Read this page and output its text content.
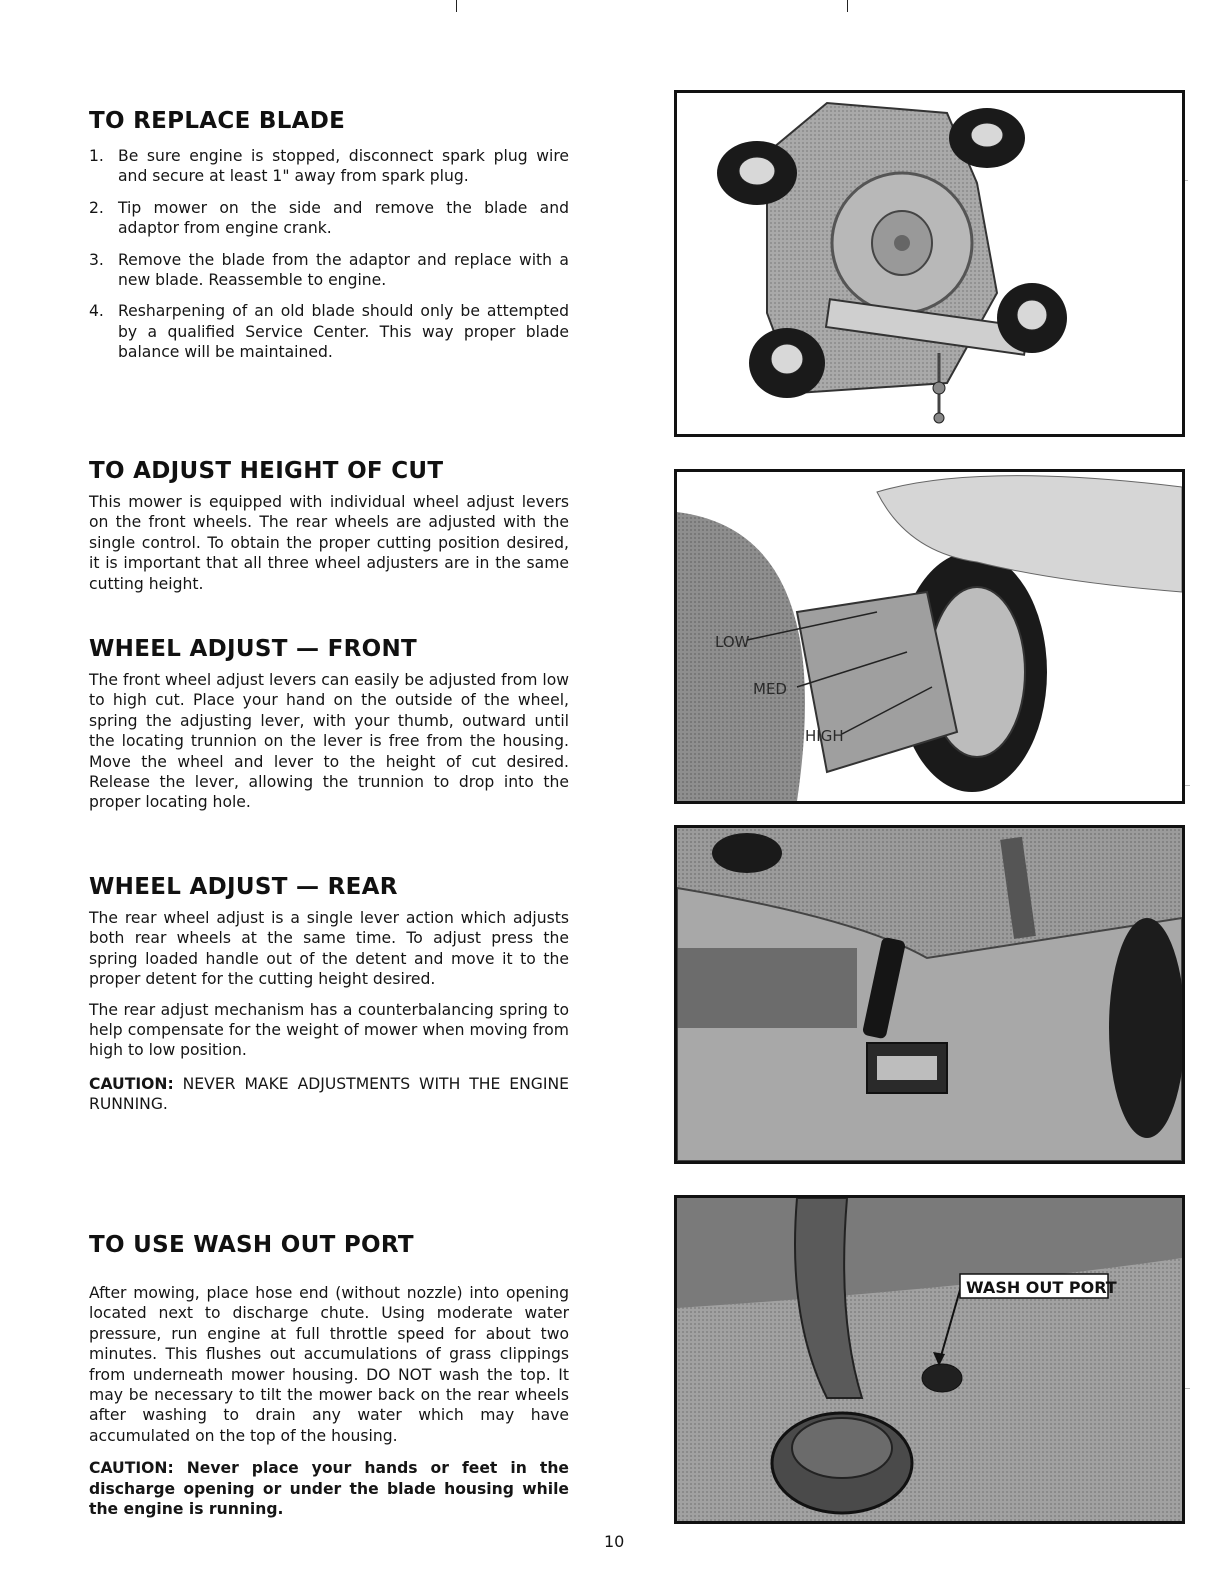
TO REPLACE BLADE
1. Be sure engine is stopped, disconnect spark plug wire and secure at least 1" away from spark plug.
2. Tip mower on the side and remove the blade and adaptor from engine crank.
3. Remove the blade from the adaptor and replace with a new blade. Reassemble to engine.
4. Resharpening of an old blade should only be attempted by a qualified Service Center. This way proper blade balance will be maintained.
TO ADJUST HEIGHT OF CUT

This mower is equipped with individual wheel adjust levers on the front wheels. The rear wheels are adjusted with the single control. To obtain the proper cutting position desired, it is important that all three wheel adjusters are in the same cutting height.

WHEEL ADJUST — FRONT

The front wheel adjust levers can easily be adjusted from low to high cut. Place your hand on the outside of the wheel, spring the adjusting lever, with your thumb, outward until the locating trunnion on the lever is free from the housing. Move the wheel and lever to the height of cut desired. Release the lever, allowing the trunnion to drop into the proper locating hole.

WHEEL ADJUST — REAR

The rear wheel adjust is a single lever action which adjusts both rear wheels at the same time. To adjust press the spring loaded handle out of the detent and move it to the proper detent for the cutting height desired.

The rear adjust mechanism has a counterbalancing spring to help compensate for the weight of mower when moving from high to low position.

CAUTION: NEVER MAKE ADJUSTMENTS WITH THE ENGINE RUNNING.

TO USE WASH OUT PORT

After mowing, place hose end (without nozzle) into opening located next to discharge chute. Using moderate water pressure, run engine at full throttle speed for about two minutes. This flushes out accumulations of grass clippings from underneath mower housing. DO NOT wash the top. It may be necessary to tilt the mower back on the rear wheels after washing to drain any water which may have accumulated on the top of the housing.

CAUTION: Never place your hands or feet in the discharge opening or under the blade housing while the engine is running.

LOW
MED
HIGH
WASH OUT PORT
10
